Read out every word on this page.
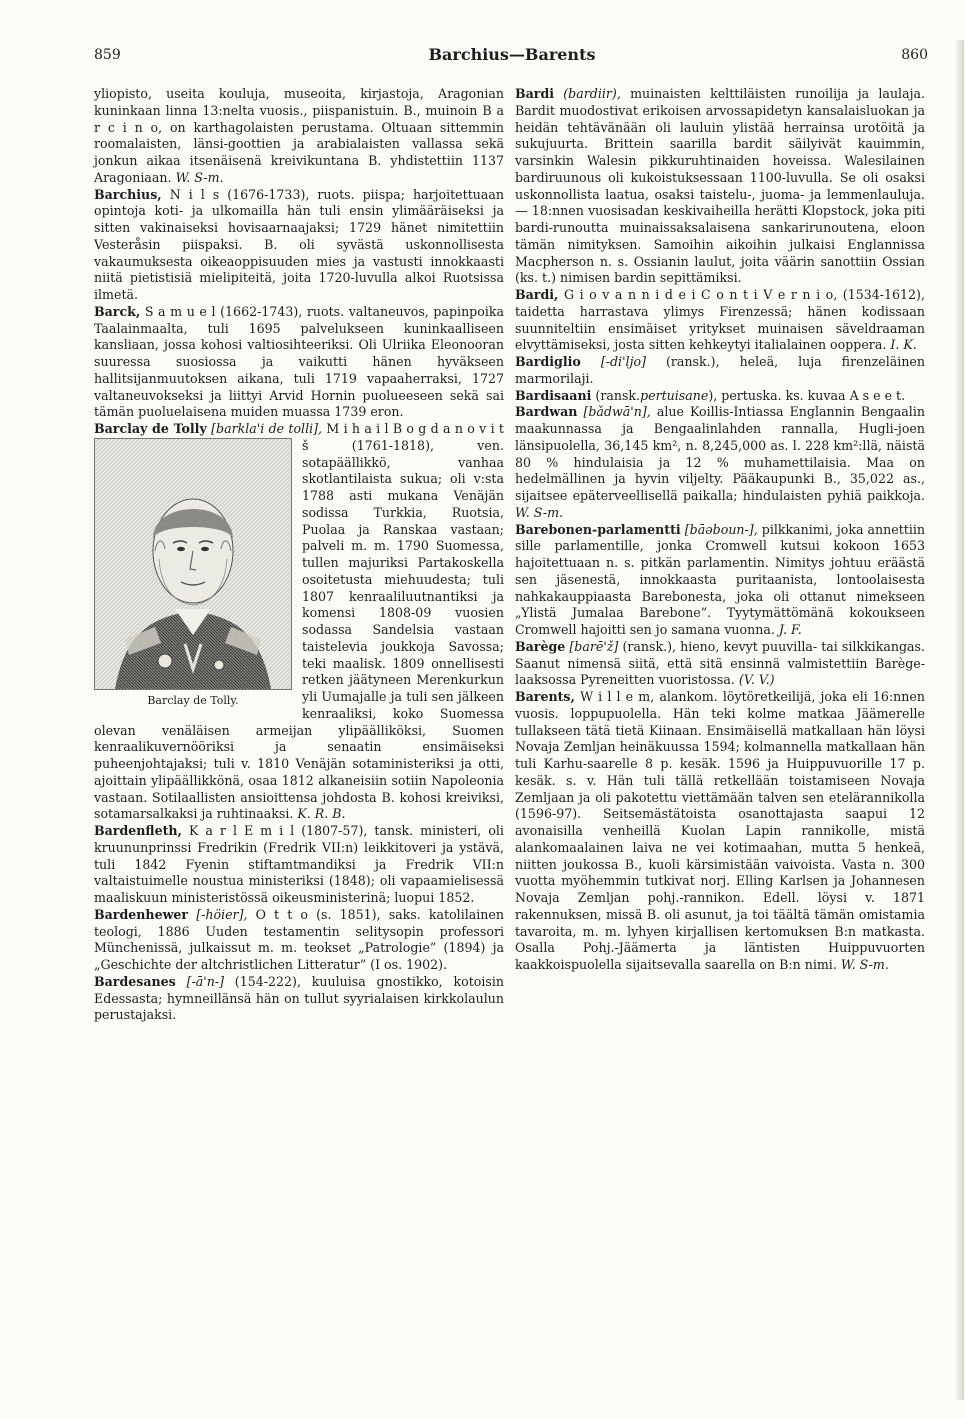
859	Barchius—Barents	860

yliopisto, useita kouluja, museoita, kirjastoja, Aragonian kuninkaan linna 13:nelta vuosis., piispanistuin. B., muinoin B a r c i n o, on karthagolaisten perustama. Oltuaan sittemmin roomalaisten, länsi-goottien ja arabialaisten vallassa sekä jonkun aikaa itsenäisenä kreivikuntana B. yhdistettiin 1137 Aragoniaan. W. S-m.

Barchius, N i l s (1676-1733), ruots. piispa; harjoitettuaan opintoja koti- ja ulkomailla hän tuli ensin ylimääräiseksi ja sitten vakinaiseksi hovisaarnaajaksi; 1729 hänet nimitettiin Vesteråsin piispaksi. B. oli syvästä uskonnollisesta vakaumuksesta oikeaoppisuuden mies ja vastusti innokkaasti niitä pietistisiä mielipiteitä, joita 1720-luvulla alkoi Ruotsissa ilmetä.

Barck, S a m u e l (1662-1743), ruots. valtaneuvos, papinpoika Taalainmaalta, tuli 1695 palvelukseen kuninkaalliseen kansliaan, jossa kohosi valtiosihteeriksi. Oli Ulriika Eleonooran suuressa suosiossa ja vaikutti hänen hyväkseen hallitsijanmuutoksen aikana, tuli 1719 vapaaherraksi, 1727 valtaneuvokseksi ja liittyi Arvid Hornin puolueeseen sekä sai tämän puoluelaisena muiden muassa 1739 eron.

Barclay de Tolly [barkla'i de tolli], M i h a i l B o g d a n o v i t š
Barclay de Tolly.
(1761-1818), ven. sotapäällikkö, vanhaa skotlantilaista sukua; oli v:sta 1788 asti mukana Venäjän sodissa Turkkia, Ruotsia, Puolaa ja Ranskaa vastaan; palveli m. m. 1790 Suomessa, tullen majuriksi Partakoskella osoitetusta miehuudesta; tuli 1807 kenraaliluutnantiksi ja komensi 1808-09 vuosien sodassa Sandelsia vastaan taistelevia joukkoja Savossa; teki maalisk. 1809 onnellisesti retken jäätyneen Merenkurkun yli Uumajalle ja tuli sen jälkeen kenraaliksi, koko Suomessa olevan venäläisen armeijan ylipäälliköksi, Suomen kenraalikuvernööriksi ja senaatin ensimäiseksi puheenjohtajaksi; tuli v. 1810 Venäjän sotaministeriksi ja otti, ajoittain ylipäällikkönä, osaa 1812 alkaneisiin sotiin Napoleonia vastaan. Sotilaallisten ansioittensa johdosta B. kohosi kreiviksi, sotamarsalkaksi ja ruhtinaaksi. K. R. B.

Bardenfleth, K a r l E m i l (1807-57), tansk. ministeri, oli kruununprinssi Fredrikin (Fredrik VII:n) leikkitoveri ja ystävä, tuli 1842 Fyenin stiftamtmandiksi ja Fredrik VII:n valtaistuimelle noustua ministeriksi (1848); oli vapaamielisessä maaliskuun ministeristössä oikeusministerinä; luopui 1852.

Bardenhewer [-höier], O t t o (s. 1851), saks. katolilainen teologi, 1886 Uuden testamentin selitysopin professori Münchenissä, julkaissut m. m. teokset „Patrologie” (1894) ja „Geschichte der altchristlichen Litteratur” (I os. 1902).

Bardesanes [-ā'n-] (154-222), kuuluisa gnostikko, kotoisin Edessasta; hymneillänsä hän on tullut syyrialaisen kirkkolaulun perustajaksi.

Bardi (bardiir), muinaisten kelttiläisten runoilija ja laulaja. Bardit muodostivat erikoisen arvossapidetyn kansalaisluokan ja heidän tehtävänään oli lauluin ylistää herrainsa urotöitä ja sukujuurta. Brittein saarilla bardit säilyivät kauimmin, varsinkin Walesin pikkuruhtinaiden hoveissa. Walesilainen bardiruunous oli kukoistuksessaan 1100-luvulla. Se oli osaksi uskonnollista laatua, osaksi taistelu-, juoma- ja lemmenlauluja. — 18:nnen vuosisadan keskivaiheilla herätti Klopstock, joka piti bardi-runoutta muinaissaksalaisena sankarirunoutena, eloon tämän nimityksen. Samoihin aikoihin julkaisi Englannissa Macpherson n. s. Ossianin laulut, joita väärin sanottiin Ossian (ks. t.) nimisen bardin sepittämiksi.

Bardi, G i o v a n n i d e i C o n t i V e r n i o, (1534-1612), taidetta harrastava ylimys Firenzessä; hänen kodissaan suunniteltiin ensimäiset yritykset muinaisen säveldraaman elvyttämiseksi, josta sitten kehkeytyi italialainen ooppera. I. K.

Bardiglio [-di'ljo] (ransk.), heleä, luja firenzeläinen marmorilaji.

Bardisaani (ransk.pertuisane), pertuska. ks. kuvaa A s e e t.

Bardwan [bǎdwā'n], alue Koillis-Intiassa Englannin Bengaalin maakunnassa ja Bengaalinlahden rannalla, Hugli-joen länsipuolella, 36,145 km², n. 8,245,000 as. l. 228 km²:llä, näistä 80 % hindulaisia ja 12 % muhamettilaisia. Maa on hedelmällinen ja hyvin viljelty. Pääkaupunki B., 35,022 as., sijaitsee epäterveellisellä paikalla; hindulaisten pyhiä paikkoja. W. S-m.

Barebonen-parlamentti [bāəboun-], pilkkanimi, joka annettiin sille parlamentille, jonka Cromwell kutsui kokoon 1653 hajoitettuaan n. s. pitkän parlamentin. Nimitys johtuu eräästä sen jäsenestä, innokkaasta puritaanista, lontoolaisesta nahkakauppiaasta Barebonesta, joka oli ottanut nimekseen „Ylistä Jumalaa Barebone”. Tyytymättömänä kokoukseen Cromwell hajoitti sen jo samana vuonna. J. F.

Barège [barē'ž] (ransk.), hieno, kevyt puuvilla- tai silkkikangas. Saanut nimensä siitä, että sitä ensinnä valmistettiin Barège-laaksossa Pyreneitten vuoristossa. (V. V.)

Barents, W i l l e m, alankom. löytöretkeilijä, joka eli 16:nnen vuosis. loppupuolella. Hän teki kolme matkaa Jäämerelle tullakseen tätä tietä Kiinaan. Ensimäisellä matkallaan hän löysi Novaja Zemljan heinäkuussa 1594; kolmannella matkallaan hän tuli Karhu-saarelle 8 p. kesäk. 1596 ja Huippuvuorille 17 p. kesäk. s. v. Hän tuli tällä retkellään toistamiseen Novaja Zemljaan ja oli pakotettu viettämään talven sen etelärannikolla (1596-97). Seitsemästätoista osanottajasta saapui 12 avonaisilla venheillä Kuolan Lapin rannikolle, mistä alankomaalainen laiva ne vei kotimaahan, mutta 5 henkeä, niitten joukossa B., kuoli kärsimistään vaivoista. Vasta n. 300 vuotta myöhemmin tutkivat norj. Elling Karlsen ja Johannesen Novaja Zemljan pohj.-rannikon. Edell. löysi v. 1871 rakennuksen, missä B. oli asunut, ja toi täältä tämän omistamia tavaroita, m. m. lyhyen kirjallisen kertomuksen B:n matkasta. Osalla Pohj.-Jäämerta ja läntisten Huippuvuorten kaakkoispuolella sijaitsevalla saarella on B:n nimi. W. S-m.
